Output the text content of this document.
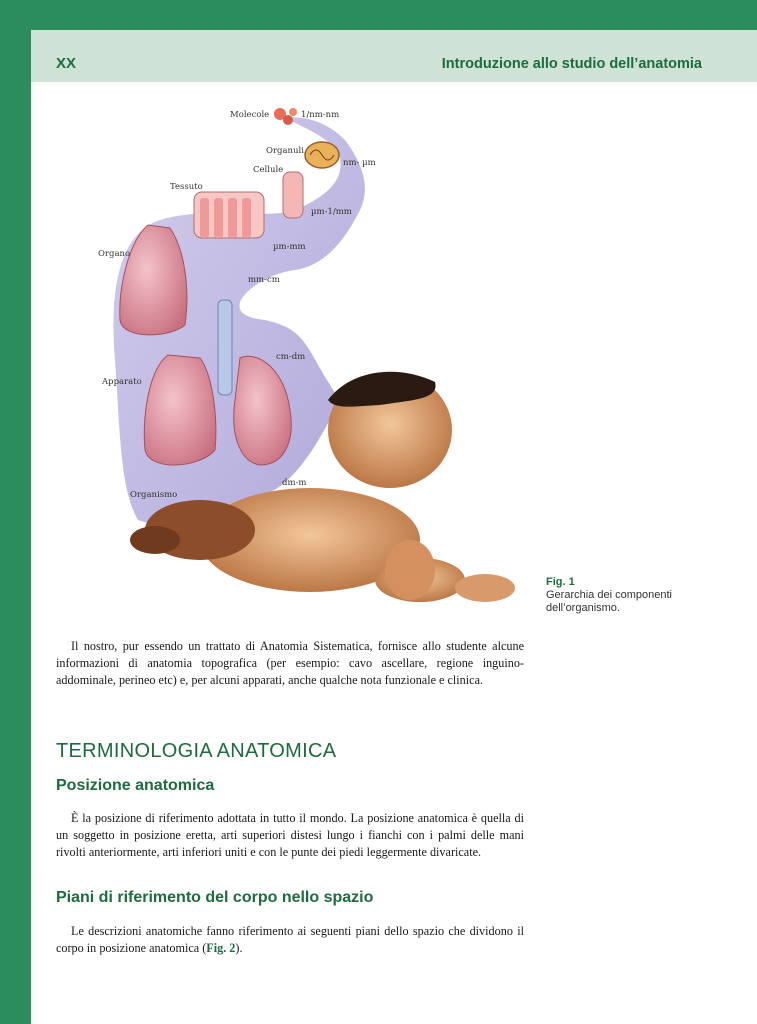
XX	Introduzione allo studio dell’anatomia
Molecole	1/nm-nm
Organuli
nm- µm
Cellule
Tessuto
µm-1/mm
µm-mm
Organo
mm-cm
cm-dm
Apparato
dm-m
Organismo
Fig. 1
Gerarchia dei componenti
dell’organismo.

Il nostro, pur essendo un trattato di Anatomia Sistematica, fornisce allo studente alcune informazioni di anatomia topografica (per esempio: cavo ascellare, regione inguino-addominale, perineo etc) e, per alcuni apparati, anche qualche nota funzionale e clinica.

TERMINOLOGIA ANATOMICA
Posizione anatomica

È la posizione di riferimento adottata in tutto il mondo. La posizione anatomica è quella di un soggetto in posizione eretta, arti superiori distesi lungo i fianchi con i palmi delle mani rivolti anteriormente, arti inferiori uniti e con le punte dei piedi leggermente divaricate.

Piani di riferimento del corpo nello spazio

Le descrizioni anatomiche fanno riferimento ai seguenti piani dello spazio che dividono il corpo in posizione anatomica (Fig. 2).
